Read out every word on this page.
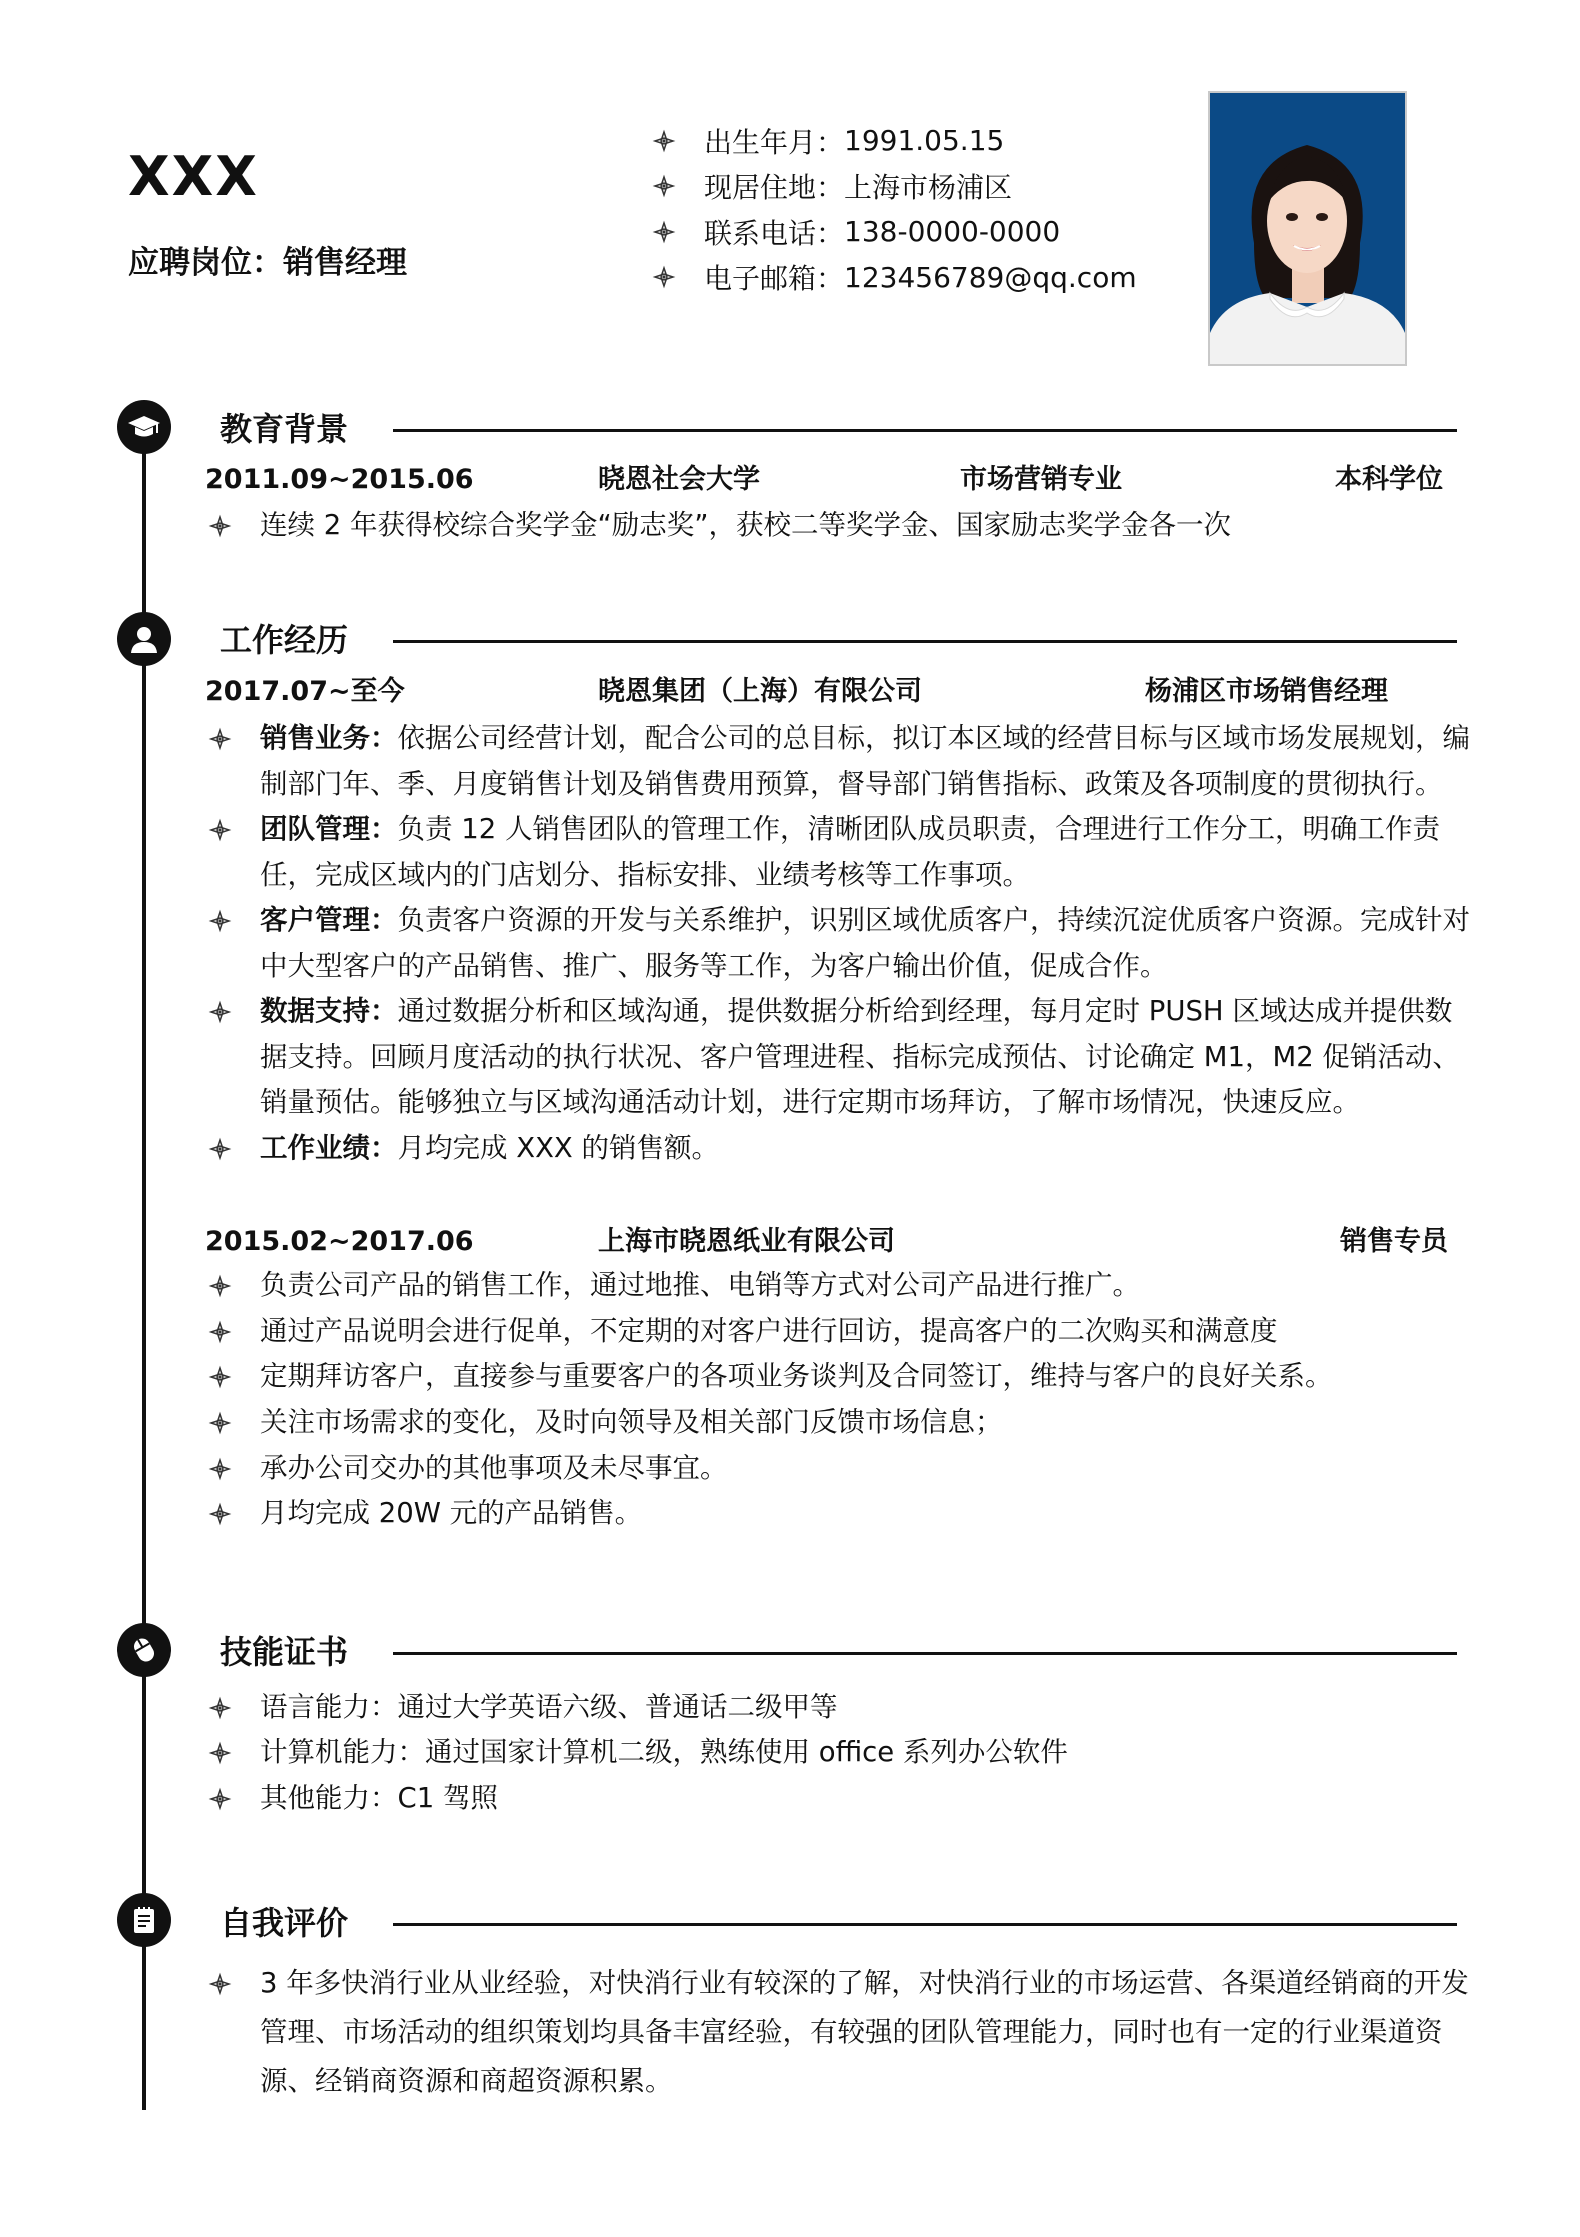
XXX
应聘岗位：销售经理
出生年月： 1991.05.15
现居住地： 上海市杨浦区
联系电话： 138-0000-0000
电子邮箱： 123456789@qq.com
教育背景
2011.09~2015.06	晓恩社会大学	市场营销专业	本科学位
连续 2 年获得校综合奖学金“励志奖”，获校二等奖学金、国家励志奖学金各一次
工作经历
2017.07~至今	晓恩集团（上海）有限公司	杨浦区市场销售经理
销售业务：依据公司经营计划，配合公司的总目标，拟订本区域的经营目标与区域市场发展规划，编制部门年、季、月度销售计划及销售费用预算，督导部门销售指标、政策及各项制度的贯彻执行。
团队管理：负责 12 人销售团队的管理工作，清晰团队成员职责，合理进行工作分工，明确工作责任，完成区域内的门店划分、指标安排、业绩考核等工作事项。
客户管理：负责客户资源的开发与关系维护，识别区域优质客户，持续沉淀优质客户资源。完成针对中大型客户的产品销售、推广、服务等工作，为客户输出价值，促成合作。
数据支持：通过数据分析和区域沟通，提供数据分析给到经理，每月定时 PUSH 区域达成并提供数据支持。回顾月度活动的执行状况、客户管理进程、指标完成预估、讨论确定 M1，M2 促销活动、销量预估。能够独立与区域沟通活动计划，进行定期市场拜访，了解市场情况，快速反应。
工作业绩：月均完成 XXX 的销售额。
2015.02~2017.06	上海市晓恩纸业有限公司	销售专员
负责公司产品的销售工作，通过地推、电销等方式对公司产品进行推广。
通过产品说明会进行促单，不定期的对客户进行回访，提高客户的二次购买和满意度
定期拜访客户，直接参与重要客户的各项业务谈判及合同签订，维持与客户的良好关系。
关注市场需求的变化，及时向领导及相关部门反馈市场信息；
承办公司交办的其他事项及未尽事宜。
月均完成 20W 元的产品销售。
技能证书
语言能力：通过大学英语六级、普通话二级甲等
计算机能力：通过国家计算机二级，熟练使用 office 系列办公软件
其他能力：C1 驾照
自我评价
3 年多快消行业从业经验，对快消行业有较深的了解，对快消行业的市场运营、各渠道经销商的开发管理、市场活动的组织策划均具备丰富经验，有较强的团队管理能力，同时也有一定的行业渠道资源、经销商资源和商超资源积累。
